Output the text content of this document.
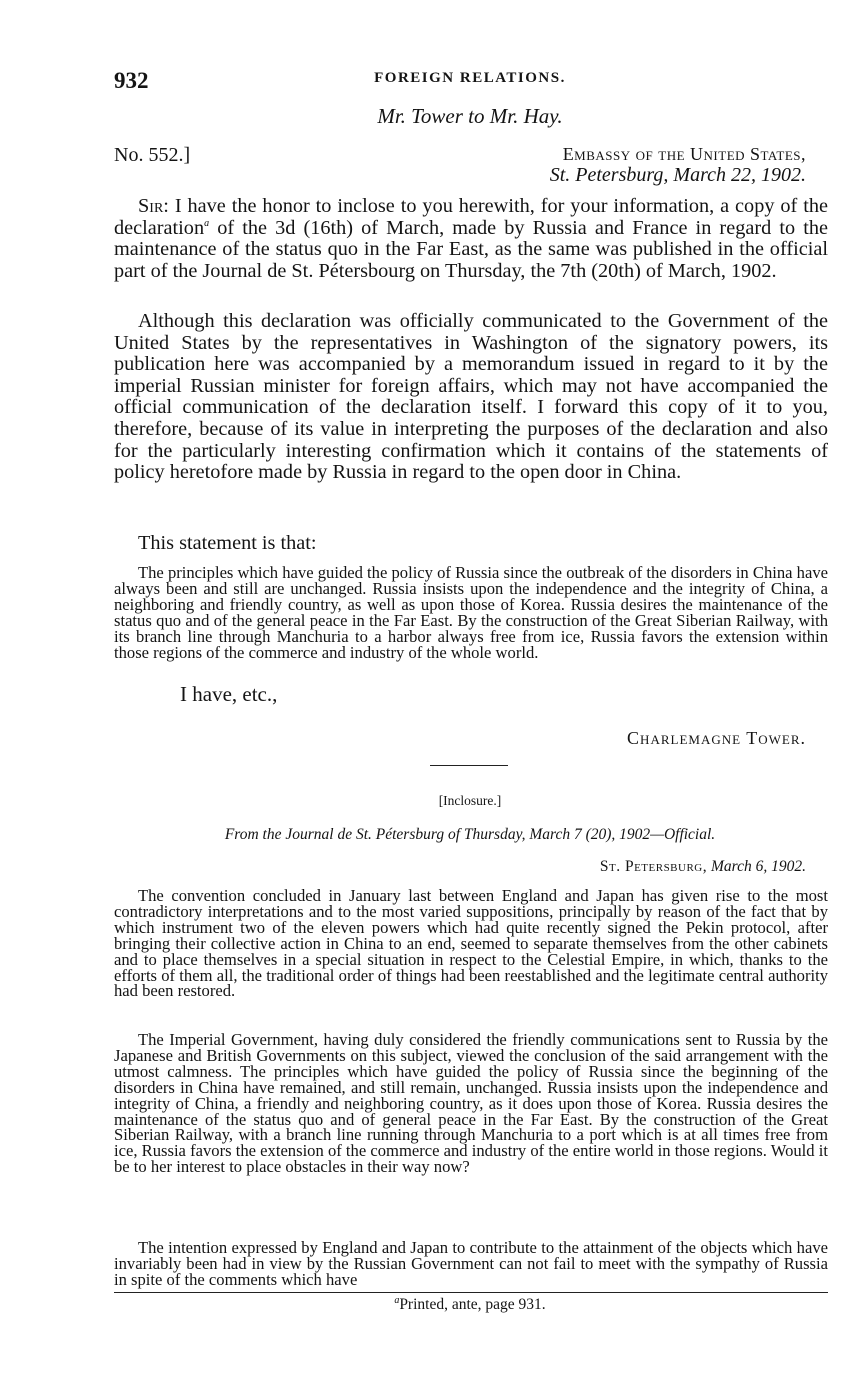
932	FOREIGN RELATIONS.
Mr. Tower to Mr. Hay.
No. 552.]	Embassy of the United States,
St. Petersburg, March 22, 1902.

Sir: I have the honor to inclose to you herewith, for your information, a copy of the declaration$^a$ of the 3d (16th) of March, made by Russia and France in regard to the maintenance of the status quo in the Far East, as the same was published in the official part of the Journal de St. Pétersbourg on Thursday, the 7th (20th) of March, 1902.

Although this declaration was officially communicated to the Government of the United States by the representatives in Washington of the signatory powers, its publication here was accompanied by a memorandum issued in regard to it by the imperial Russian minister for foreign affairs, which may not have accompanied the official communication of the declaration itself. I forward this copy of it to you, therefore, because of its value in interpreting the purposes of the declaration and also for the particularly interesting confirmation which it contains of the statements of policy heretofore made by Russia in regard to the open door in China.

This statement is that:

The principles which have guided the policy of Russia since the outbreak of the disorders in China have always been and still are unchanged. Russia insists upon the independence and the integrity of China, a neighboring and friendly country, as well as upon those of Korea. Russia desires the maintenance of the status quo and of the general peace in the Far East. By the construction of the Great Siberian Railway, with its branch line through Manchuria to a harbor always free from ice, Russia favors the extension within those regions of the commerce and industry of the whole world.

I have, etc.,
Charlemagne Tower.
[Inclosure.]
From the Journal de St. Pétersburg of Thursday, March 7 (20), 1902—Official.
St. Petersburg, March 6, 1902.

The convention concluded in January last between England and Japan has given rise to the most contradictory interpretations and to the most varied suppositions, principally by reason of the fact that by which instrument two of the eleven powers which had quite recently signed the Pekin protocol, after bringing their collective action in China to an end, seemed to separate themselves from the other cabinets and to place themselves in a special situation in respect to the Celestial Empire, in which, thanks to the efforts of them all, the traditional order of things had been reestablished and the legitimate central authority had been restored.

The Imperial Government, having duly considered the friendly communications sent to Russia by the Japanese and British Governments on this subject, viewed the conclusion of the said arrangement with the utmost calmness. The principles which have guided the policy of Russia since the beginning of the disorders in China have remained, and still remain, unchanged. Russia insists upon the independence and integrity of China, a friendly and neighboring country, as it does upon those of Korea. Russia desires the maintenance of the status quo and of general peace in the Far East. By the construction of the Great Siberian Railway, with a branch line running through Manchuria to a port which is at all times free from ice, Russia favors the extension of the commerce and industry of the entire world in those regions. Would it be to her interest to place obstacles in their way now?

The intention expressed by England and Japan to contribute to the attainment of the objects which have invariably been had in view by the Russian Government can not fail to meet with the sympathy of Russia in spite of the comments which have

$^a$Printed, ante, page 931.
